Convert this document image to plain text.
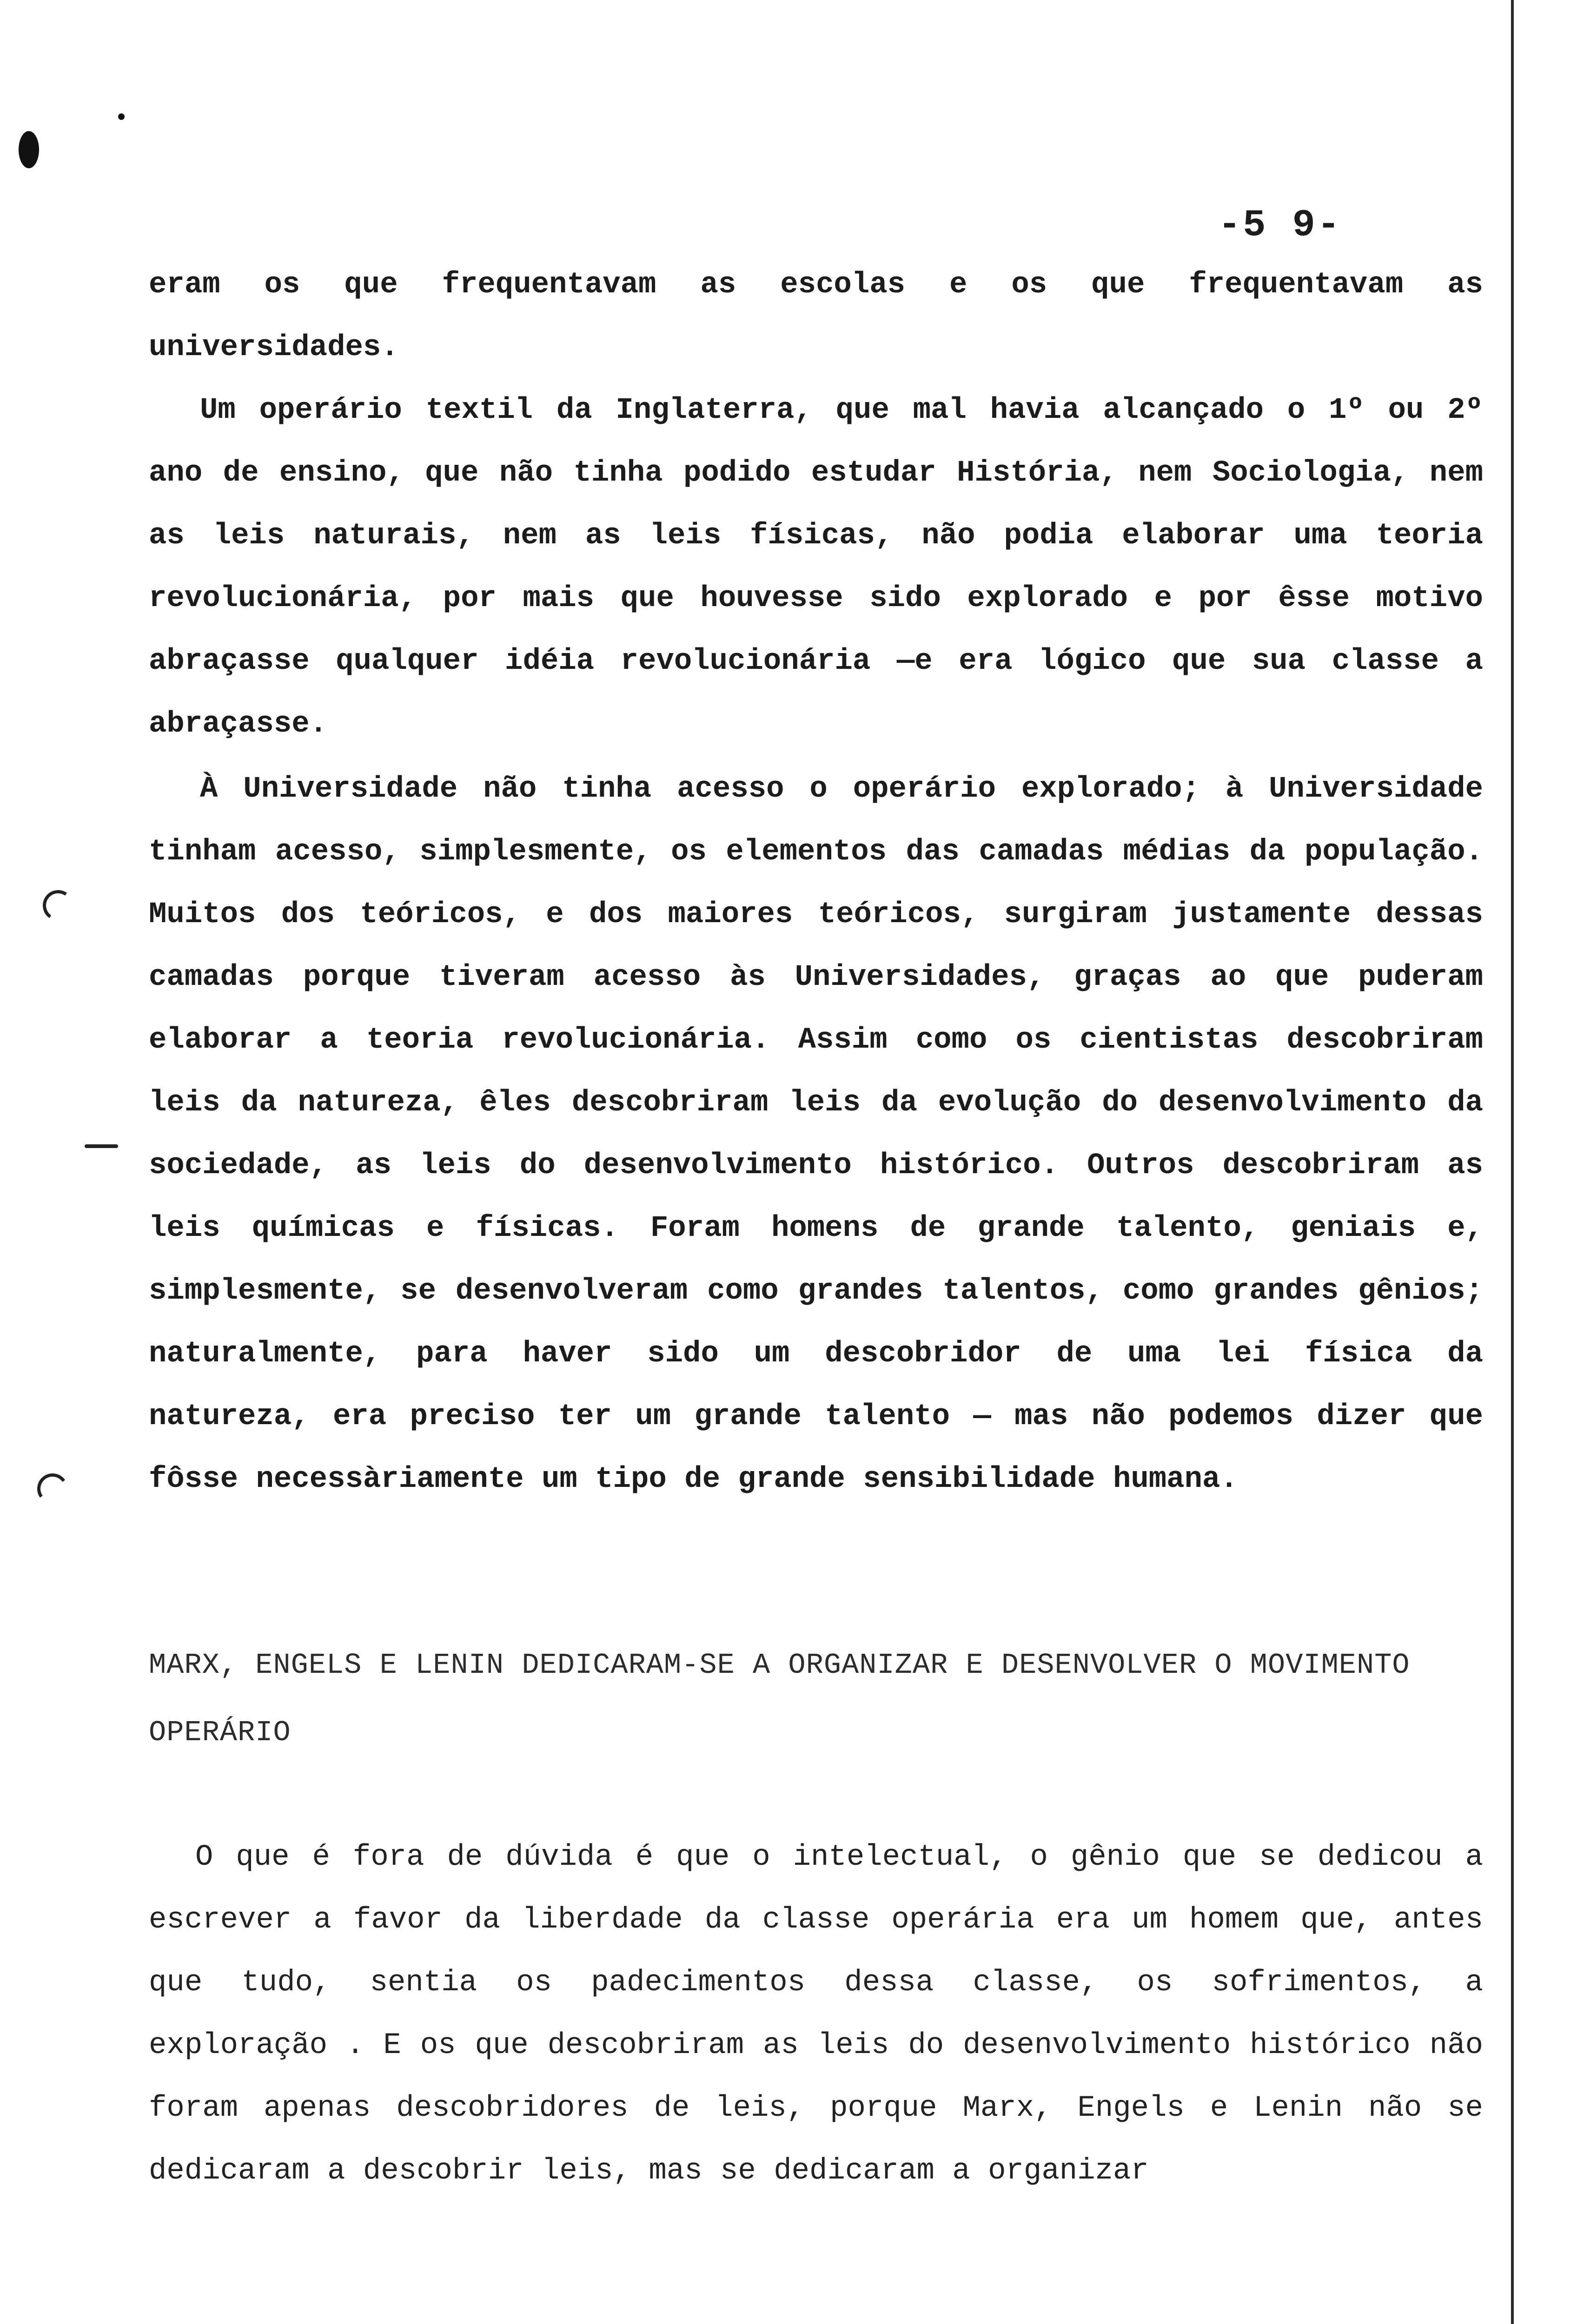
-5 9-

eram os que frequentavam as escolas e os que frequentavam as universidades.

Um operário textil da Inglaterra, que mal havia alcançado o 1º ou 2º ano de ensino, que não tinha podido estudar História, nem Sociologia, nem as leis naturais, nem as leis físicas, não podia elaborar uma teoria revolucionária, por mais que houvesse sido explorado e por êsse motivo abraçasse qualquer idéia revolucionária —e era lógico que sua classe a abraçasse.

À Universidade não tinha acesso o operário explorado; à Universidade tinham acesso, simplesmente, os elementos das camadas médias da população. Muitos dos teóricos, e dos maiores teóricos, surgiram justamente dessas camadas porque tiveram acesso às Universidades, graças ao que puderam elaborar a teoria revolucionária. Assim como os cientistas descobriram leis da natureza, êles descobriram leis da evolução do desenvolvimento da sociedade, as leis do desenvolvimento histórico. Outros descobriram as leis químicas e físicas. Foram homens de grande talento, geniais e, simplesmente, se desenvolveram como grandes talentos, como grandes gênios; naturalmente, para haver sido um descobridor de uma lei física da natureza, era preciso ter um grande talento — mas não podemos dizer que fôsse necessàriamente um tipo de grande sensibilidade humana.

MARX, ENGELS E LENIN DEDICARAM-SE A ORGANIZAR E DESENVOLVER O MOVIMENTO OPERÁRIO

O que é fora de dúvida é que o intelectual, o gênio que se dedicou a escrever a favor da liberdade da classe operária era um homem que, antes que tudo, sentia os padecimentos dessa classe, os sofrimentos, a exploração . E os que descobriram as leis do desenvolvimento histórico não foram apenas descobridores de leis, porque Marx, Engels e Lenin não se dedicaram a descobrir leis, mas se dedicaram a organizar
